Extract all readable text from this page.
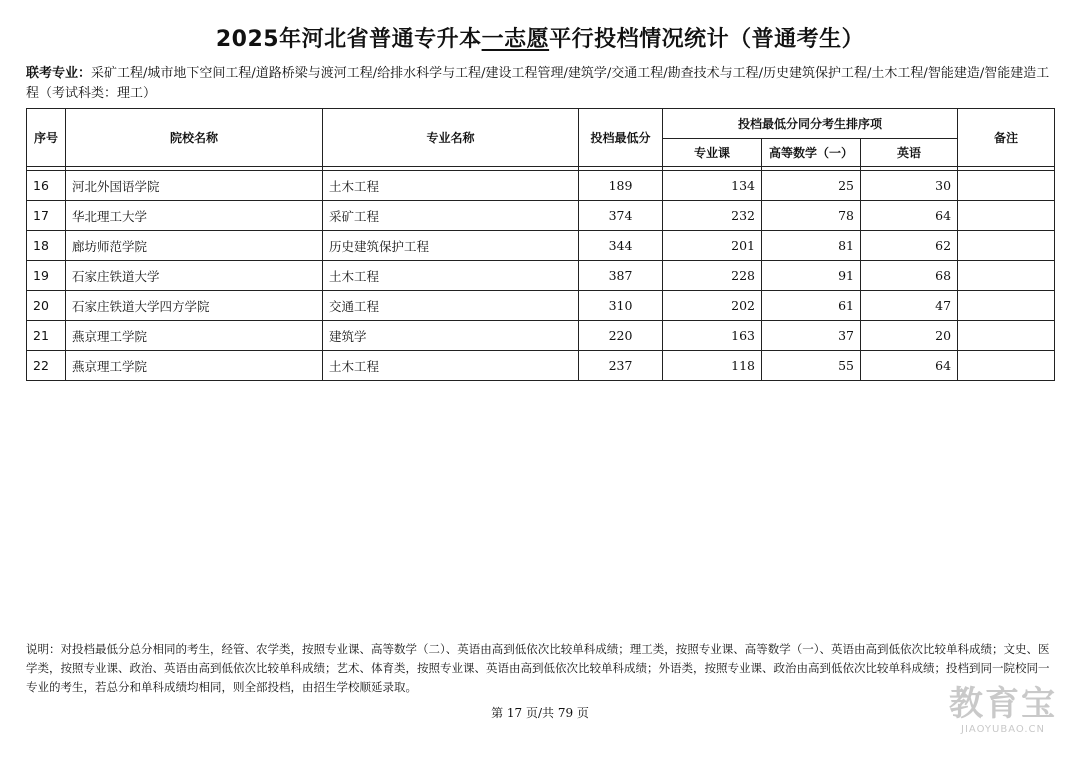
2025年河北省普通专升本一志愿平行投档情况统计（普通考生）
联考专业：采矿工程/城市地下空间工程/道路桥梁与渡河工程/给排水科学与工程/建设工程管理/建筑学/交通工程/勘查技术与工程/历史建筑保护工程/土木工程/智能建造/智能建造工程（考试科类：理工）
序号	院校名称	专业名称	投档最低分	投档最低分同分考生排序项			备注
				专业课	高等数学（一）	英语	

16	河北外国语学院	土木工程	189	134	25	30	
17	华北理工大学	采矿工程	374	232	78	64	
18	廊坊师范学院	历史建筑保护工程	344	201	81	62	
19	石家庄铁道大学	土木工程	387	228	91	68	
20	石家庄铁道大学四方学院	交通工程	310	202	61	47	
21	燕京理工学院	建筑学	220	163	37	20	
22	燕京理工学院	土木工程	237	118	55	64	
说明：对投档最低分总分相同的考生，经管、农学类，按照专业课、高等数学（二）、英语由高到低依次比较单科成绩；理工类，按照专业课、高等数学（一）、英语由高到低依次比较单科成绩；文史、医学类，按照专业课、政治、英语由高到低依次比较单科成绩；艺术、体育类，按照专业课、英语由高到低依次比较单科成绩；外语类，按照专业课、政治由高到低依次比较单科成绩；投档到同一院校同一专业的考生，若总分和单科成绩均相同，则全部投档，由招生学校顺延录取。
第 17 页/共 79 页	教育宝
JIAOYUBAO.CN
